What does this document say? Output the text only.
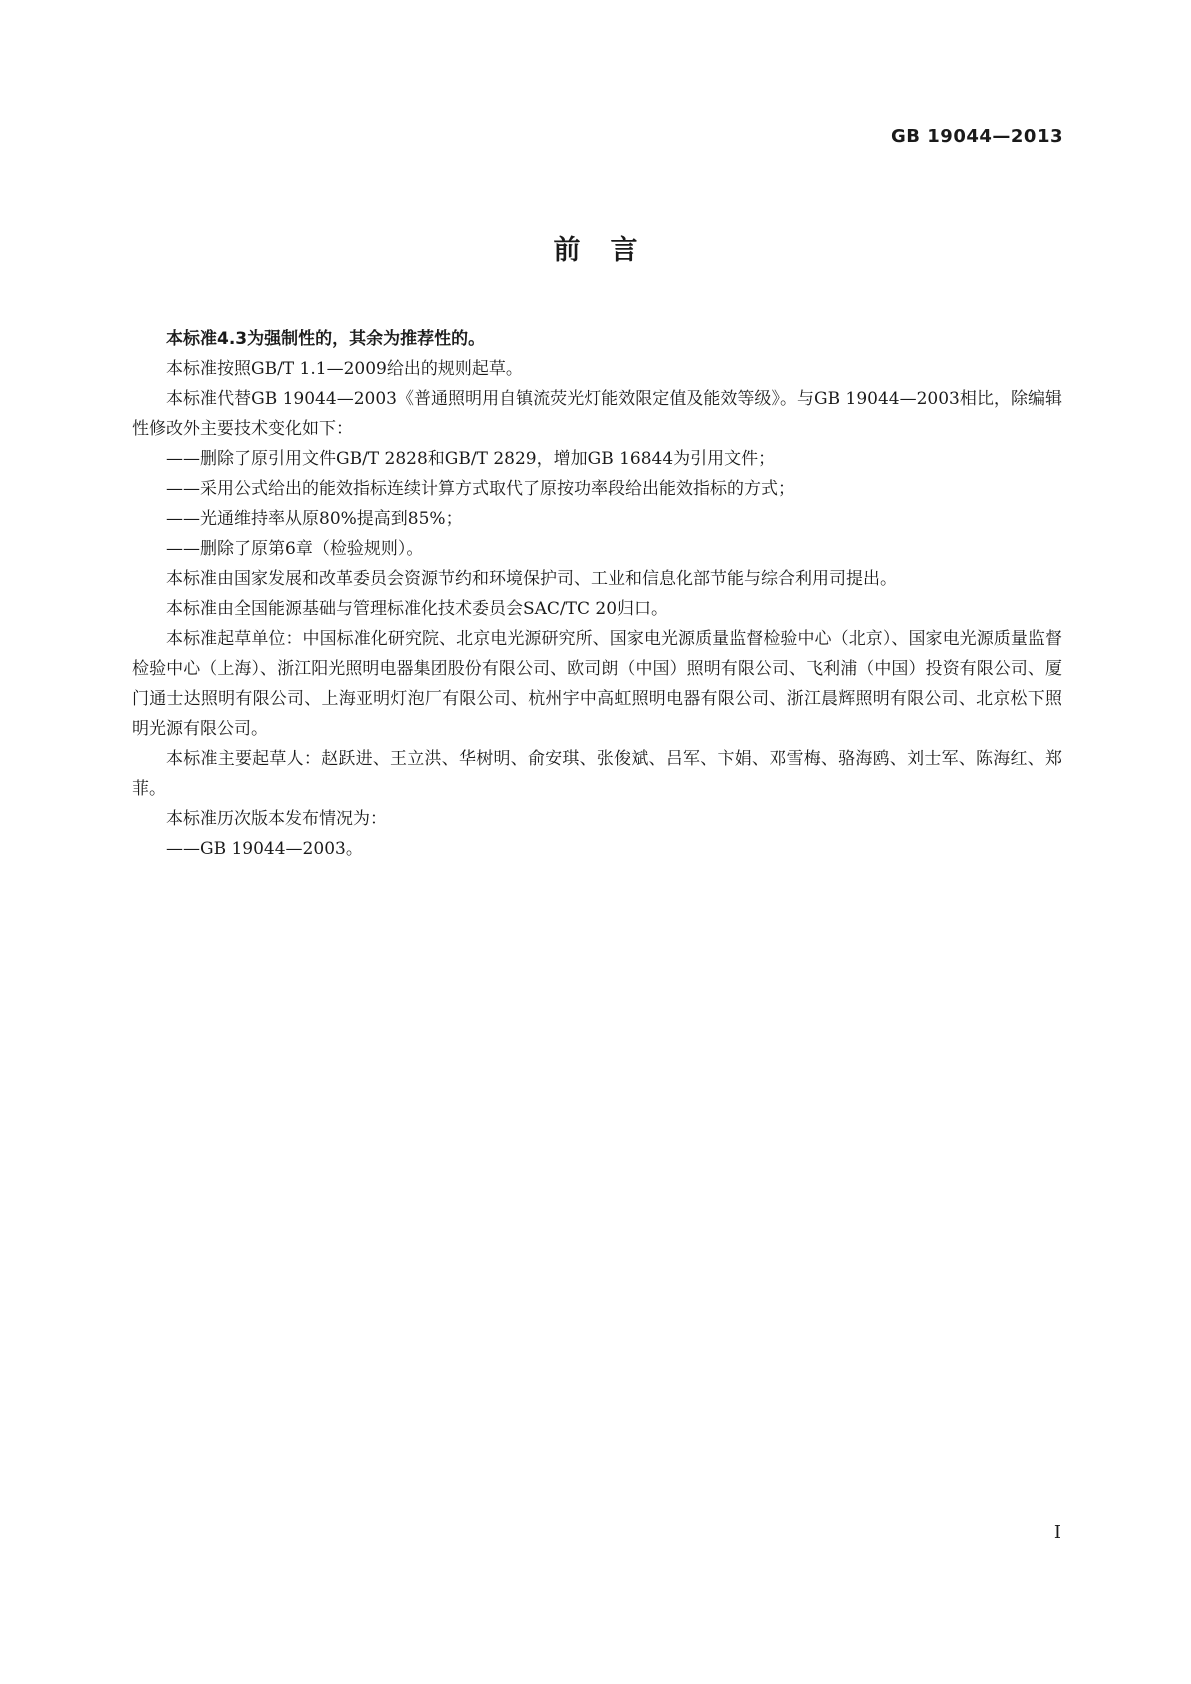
GB 19044—2013
前言

本标准4.3为强制性的，其余为推荐性的。

本标准按照GB/T 1.1—2009给出的规则起草。

本标准代替GB 19044—2003《普通照明用自镇流荧光灯能效限定值及能效等级》。与GB 19044—2003相比，除编辑性修改外主要技术变化如下：

——删除了原引用文件GB/T 2828和GB/T 2829，增加GB 16844为引用文件；

——采用公式给出的能效指标连续计算方式取代了原按功率段给出能效指标的方式；

——光通维持率从原80%提高到85%；

——删除了原第6章（检验规则）。

本标准由国家发展和改革委员会资源节约和环境保护司、工业和信息化部节能与综合利用司提出。

本标准由全国能源基础与管理标准化技术委员会SAC/TC 20归口。

本标准起草单位：中国标准化研究院、北京电光源研究所、国家电光源质量监督检验中心（北京）、国家电光源质量监督检验中心（上海）、浙江阳光照明电器集团股份有限公司、欧司朗（中国）照明有限公司、飞利浦（中国）投资有限公司、厦门通士达照明有限公司、上海亚明灯泡厂有限公司、杭州宇中高虹照明电器有限公司、浙江晨辉照明有限公司、北京松下照明光源有限公司。

本标准主要起草人：赵跃进、王立洪、华树明、俞安琪、张俊斌、吕军、卞娟、邓雪梅、骆海鸥、刘士军、陈海红、郑菲。

本标准历次版本发布情况为：

——GB 19044—2003。

I
